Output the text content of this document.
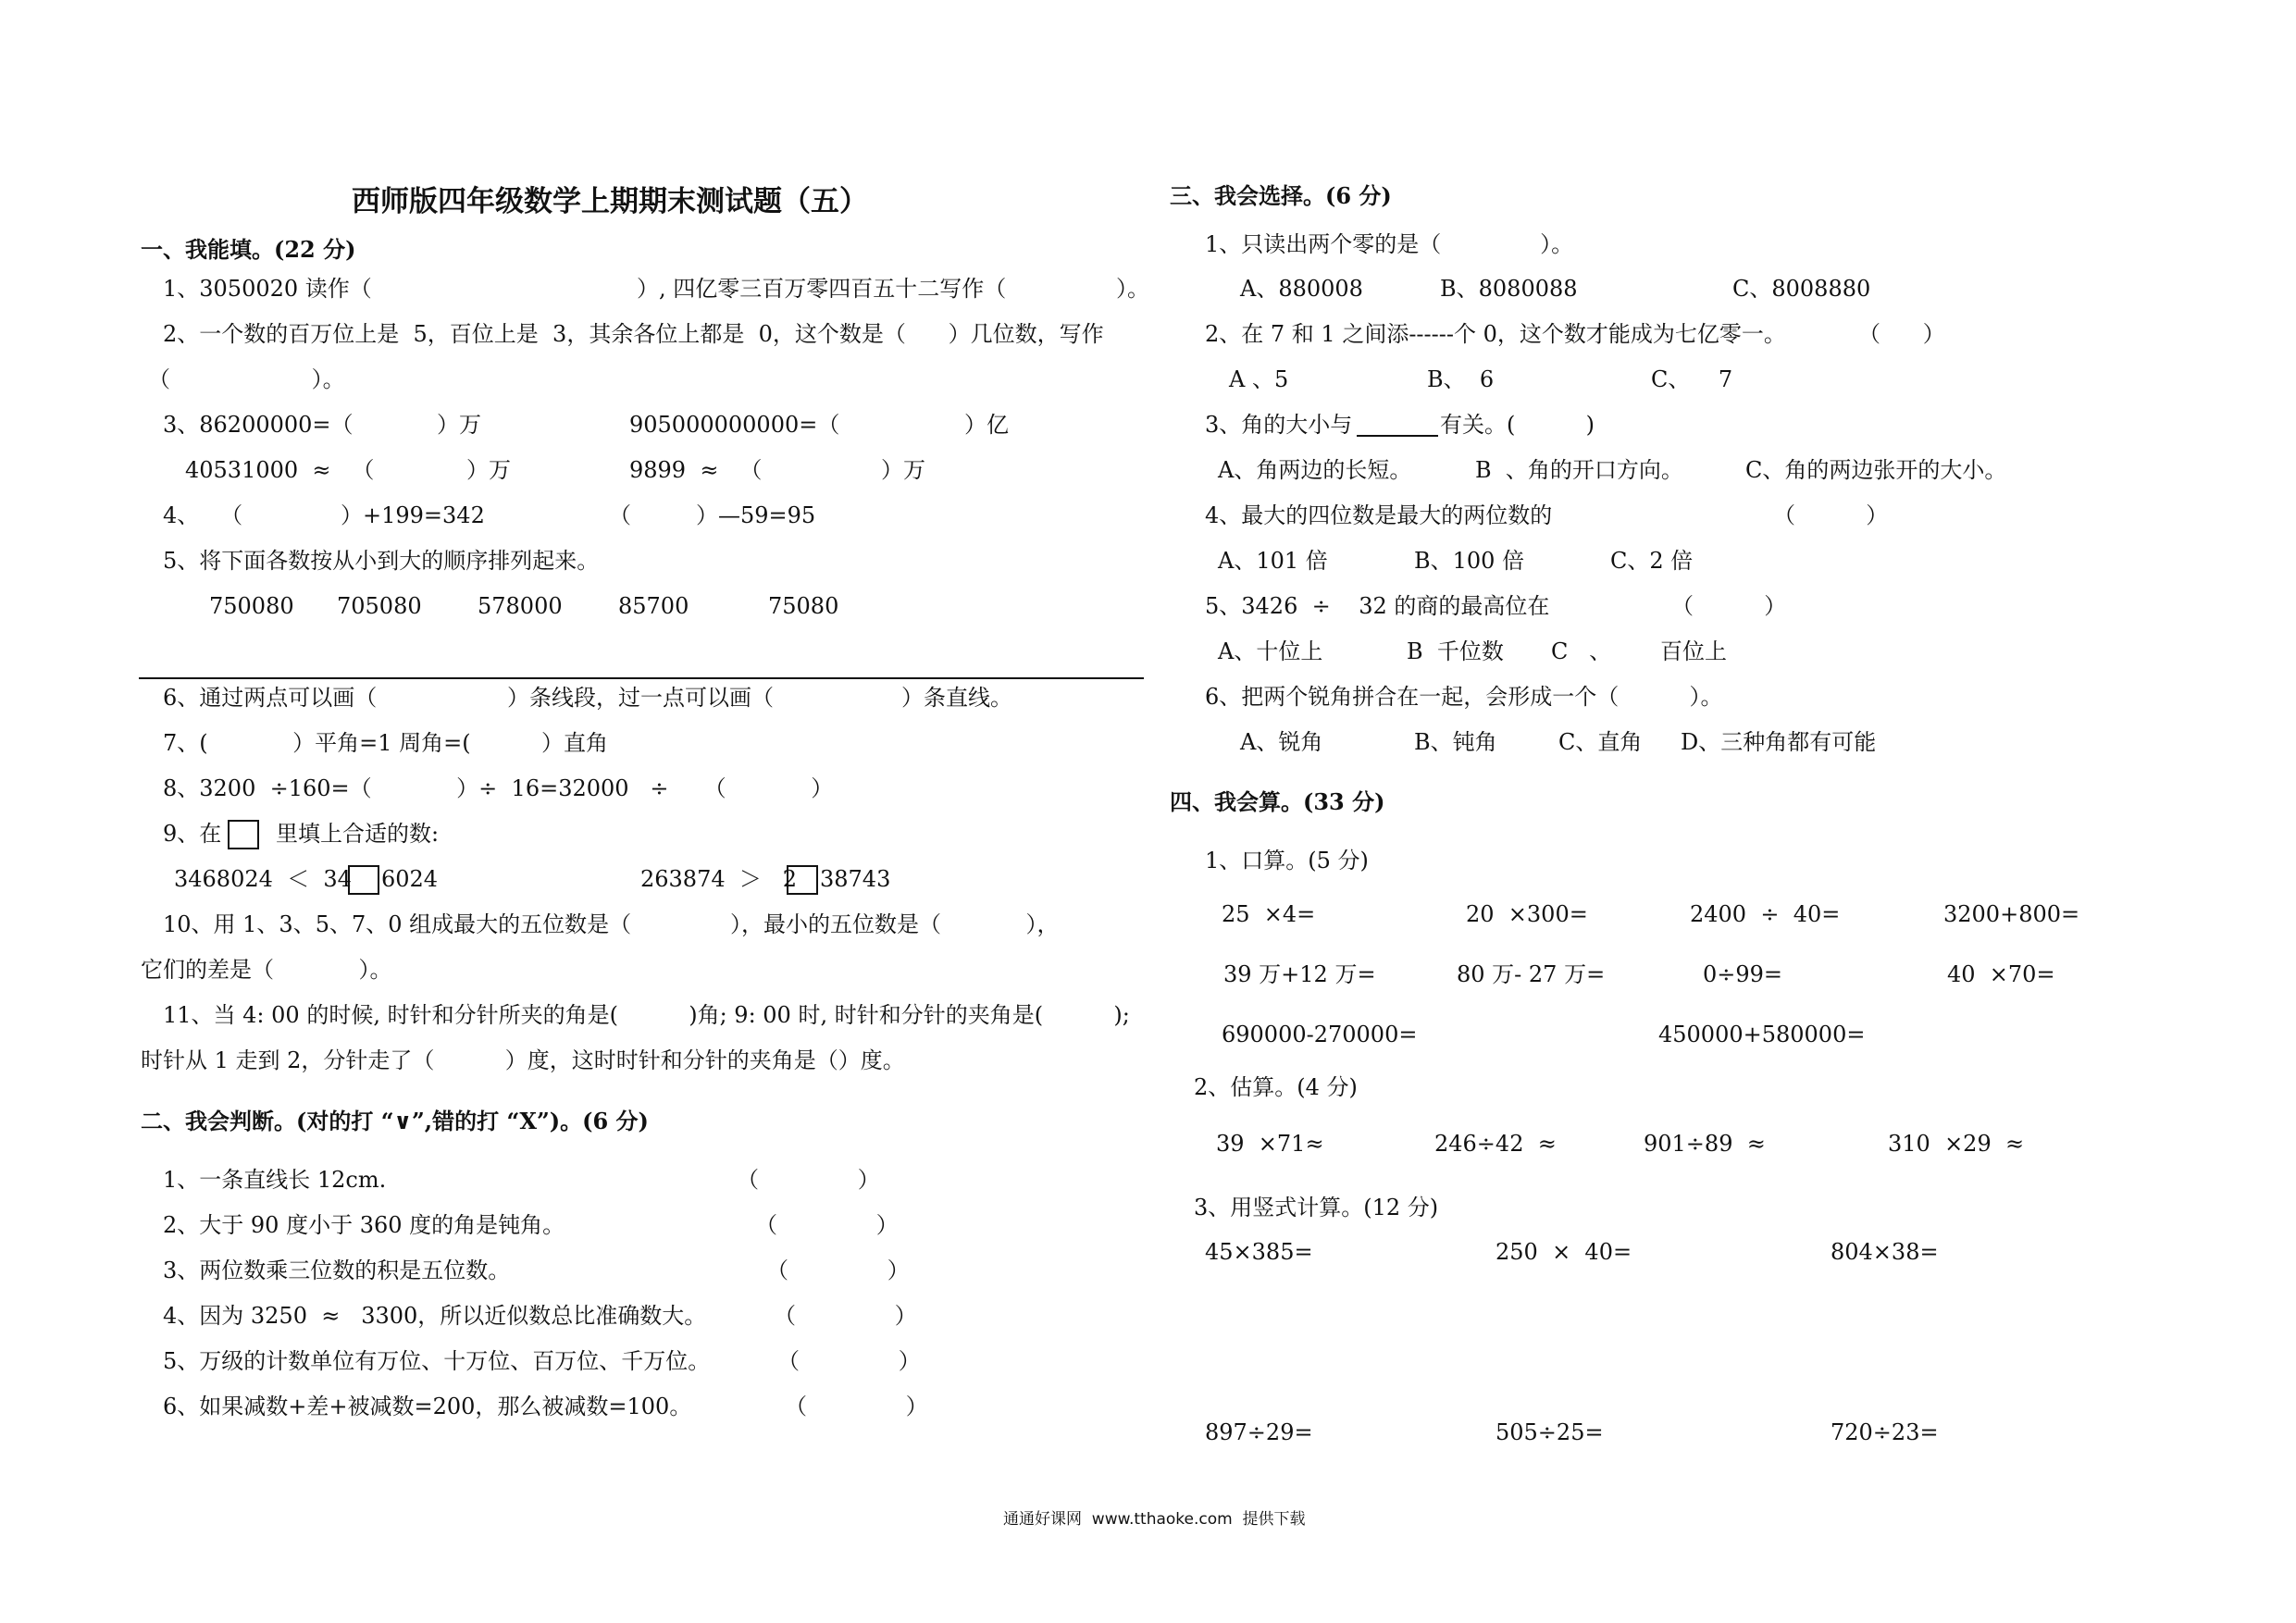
西师版四年级数学上期期末测试题（五）
一、我能填。(22 分)
1、3050020 读作（	）, 四亿零三百万零四百五十二写作（	）。
2、一个数的百万位上是  5，百位上是  3，其余各位上都是  0，这个数是（      ）几位数，写作
（                    ）。
3、86200000=（	）万	905000000000=（	）亿
40531000  ≈   （	）万	9899  ≈   （	）万
4、   （	）+199=342	（	）—59=95
5、将下面各数按从小到大的顺序排列起来。
750080 705080	578000	85700	75080
6、通过两点可以画（	）条线段，过一点可以画（	）条直线。
7、(            ）平角=1 周角=(          ）直角
8、3200  ÷160=（            ）÷  16=32000   ÷     （            ）
9、在 里填上合适的数:
3468024  ＜  34 6024	263874  ＞   2 38743
10、用 1、3、5、7、0 组成最大的五位数是（              ），最小的五位数是（            ），
它们的差是（            ）。
11、当 4: 00 的时候, 时针和分针所夹的角是(          )角; 9: 00 时, 时针和分针的夹角是(          );
时针从 1 走到 2，分针走了（          ）度，这时时针和分针的夹角是（）度。
二、我会判断。(对的打 “∨”,错的打 “X”)。(6 分)
1、一条直线长 12cm.	（              ）
2、大于 90 度小于 360 度的角是钝角。	（              ）
3、两位数乘三位数的积是五位数。	（              ）
4、因为 3250  ≈   3300，所以近似数总比准确数大。	（              ）
5、万级的计数单位有万位、十万位、百万位、千万位。	（              ）
6、如果减数+差+被减数=200，那么被减数=100。	（              ）
三、我会选择。(6 分)
1、只读出两个零的是（              ）。
A、880008	B、8080088	C、8008880
2、在 7 和 1 之间添------个 0，这个数才能成为七亿零一。	（      ）
A 、5	B、  6	C、    7
3、角的大小与	有关。(          )
A、角两边的长短。	B  、角的开口方向。	C、角的两边张开的大小。
4、最大的四位数是最大的两位数的	（          ）
A、101 倍	B、100 倍	C、2 倍
5、3426  ÷    32 的商的最高位在	（          ）
A、十位上	B  千位数 C   、 百位上
6、把两个锐角拼合在一起，会形成一个（          ）。
A、锐角	B、钝角	C、直角 D、三种角都有可能
四、我会算。(33 分)
1、口算。(5 分)
25  ×4=	20  ×300=	2400  ÷  40=	3200+800=
39 万+12 万=	80 万- 27 万=	0÷99=	40  ×70=
690000-270000=	450000+580000=
2、估算。(4 分)
39  ×71≈	246÷42  ≈	901÷89  ≈	310  ×29  ≈
3、用竖式计算。(12 分)
45×385=	250  ×  40=	804×38=
897÷29=	505÷25=	720÷23=
通通好课网  www.tthaoke.com  提供下载
